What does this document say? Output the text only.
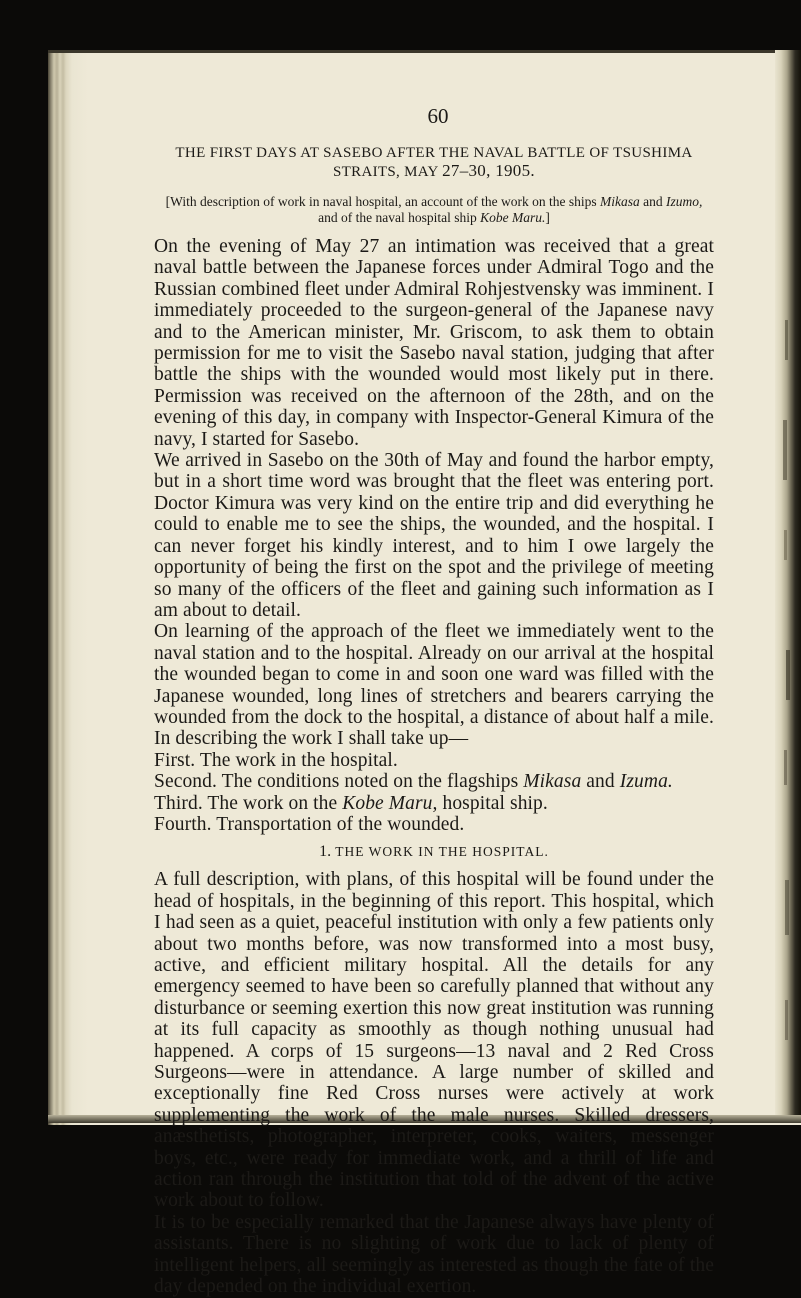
60
THE FIRST DAYS AT SASEBO AFTER THE NAVAL BATTLE OF TSUSHIMA
STRAITS, MAY 27–30, 1905.
[With description of work in naval hospital, an account of the work on the ships Mikasa and Izumo,
and of the naval hospital ship Kobe Maru.]

On the evening of May 27 an intimation was received that a great naval battle between the Japanese forces under Admiral Togo and the Russian combined fleet under Admiral Rohjestvensky was imminent. I immediately proceeded to the surgeon-general of the Japanese navy and to the American minister, Mr. Griscom, to ask them to obtain permission for me to visit the Sasebo naval station, judging that after battle the ships with the wounded would most likely put in there. Permission was received on the afternoon of the 28th, and on the evening of this day, in company with Inspector-General Kimura of the navy, I started for Sasebo.

We arrived in Sasebo on the 30th of May and found the harbor empty, but in a short time word was brought that the fleet was entering port. Doctor Kimura was very kind on the entire trip and did everything he could to enable me to see the ships, the wounded, and the hospital. I can never forget his kindly interest, and to him I owe largely the opportunity of being the first on the spot and the privilege of meeting so many of the officers of the fleet and gaining such information as I am about to detail.

On learning of the approach of the fleet we immediately went to the naval station and to the hospital. Already on our arrival at the hospital the wounded began to come in and soon one ward was filled with the Japanese wounded, long lines of stretchers and bearers carrying the wounded from the dock to the hospital, a distance of about half a mile. In describing the work I shall take up—

First. The work in the hospital.

Second. The conditions noted on the flagships Mikasa and Izuma.

Third. The work on the Kobe Maru, hospital ship.

Fourth. Transportation of the wounded.

1. THE WORK IN THE HOSPITAL.

A full description, with plans, of this hospital will be found under the head of hospitals, in the beginning of this report. This hospital, which I had seen as a quiet, peaceful institution with only a few patients only about two months before, was now transformed into a most busy, active, and efficient military hospital. All the details for any emergency seemed to have been so carefully planned that without any disturbance or seeming exertion this now great institution was running at its full capacity as smoothly as though nothing unusual had happened. A corps of 15 surgeons—13 naval and 2 Red Cross Surgeons—were in attendance. A large number of skilled and exceptionally fine Red Cross nurses were actively at work supplementing the work of the male nurses. Skilled dressers, anæsthetists, photographer, interpreter, cooks, waiters, messenger boys, etc., were ready for immediate work, and a thrill of life and action ran through the institution that told of the advent of the active work about to follow.

It is to be especially remarked that the Japanese always have plenty of assistants. There is no slighting of work due to lack of plenty of intelligent helpers, all seemingly as interested as though the fate of the day depended on the individual exertion.
